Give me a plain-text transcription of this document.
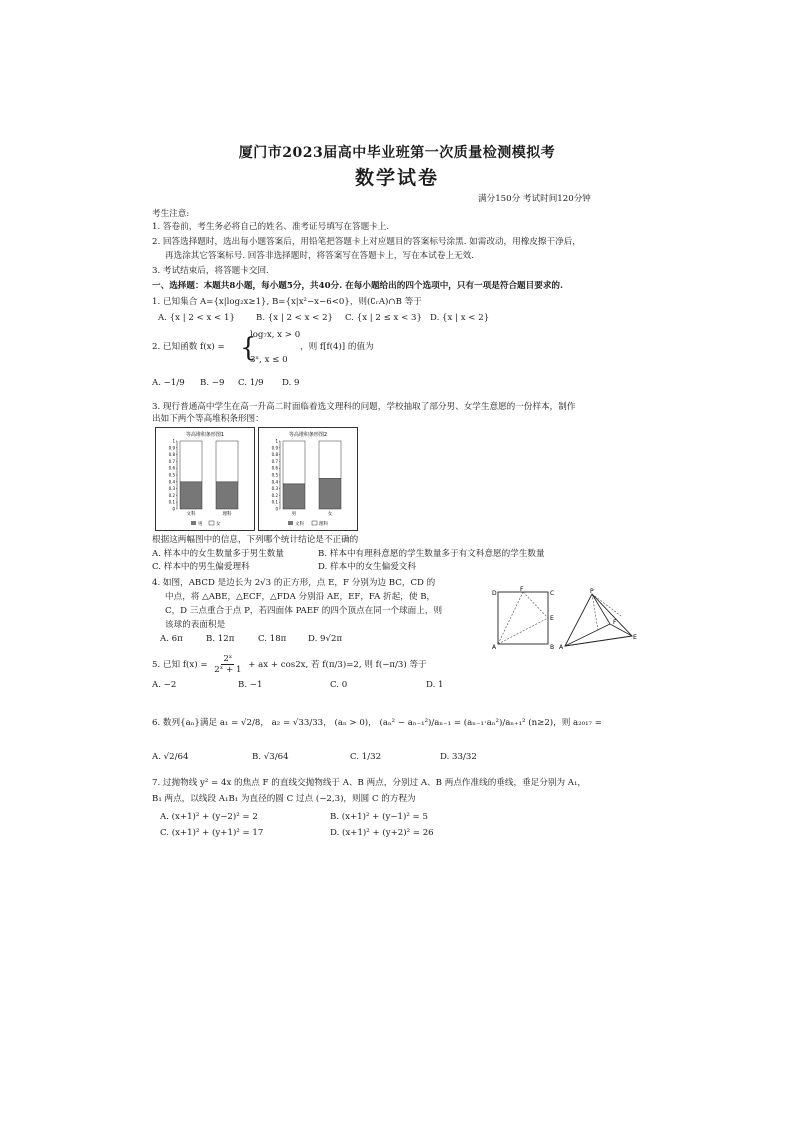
厦门市2023届高中毕业班第一次质量检测模拟考
数学试卷
满分150分 考试时间120分钟
考生注意:
1. 答卷前，考生务必将自己的姓名、准考证号填写在答题卡上.
2. 回答选择题时，选出每小题答案后，用铅笔把答题卡上对应题目的答案标号涂黑. 如需改动，用橡皮擦干净后，
再选涂其它答案标号. 回答非选择题时，将答案写在答题卡上，写在本试卷上无效.
3. 考试结束后，将答题卡交回.
一、选择题：本题共8小题，每小题5分，共40分. 在每小题给出的四个选项中，只有一项是符合题目要求的.
1. 已知集合 A={x|log₂x≥1}, B={x|x²−x−6<0}，则(∁ᵣA)∩B 等于
A. {x | 2 < x < 1} B. {x | 2 < x < 2} C. {x | 2 ≤ x < 3} D. {x | x < 2}
2. 已知函数 f(x) = {
log₇x, x > 0
3ˣ, x ≤ 0
，则 f[f(4)] 的值为
A. −1/9 B. −9 C. 1/9 D. 9
3. 现行普通高中学生在高一升高二时面临着选文理科的问题，学校抽取了部分男、女学生意愿的一份样本，制作
出如下两个等高堆积条形图：
等高堆积条形图1
1
0.9
0.8
0.7
0.6
0.5
0.4
0.3
0.2
0.1
0
文科	理科
男	女
等高堆积条形图2
1
0.9
0.8
0.7
0.6
0.5
0.4
0.3
0.2
0.1
0
男	女
文科	理科
根据这两幅图中的信息，下列哪个统计结论是不正确的
A. 样本中的女生数量多于男生数量	B. 样本中有理科意愿的学生数量多于有文科意愿的学生数量
C. 样本中的男生偏爱理科	D. 样本中的女生偏爱文科
4. 如图，ABCD 是边长为 2√3 的正方形，点 E，F 分别为边 BC，CD 的
中点，将 △ABE，△ECF，△FDA 分别沿 AE，EF，FA 折起，使 B，
C，D 三点重合于点 P，若四面体 PAEF 的四个顶点在同一个球面上，则
该球的表面积是
A. 6π	B. 12π	C. 18π	D. 9√2π
D
F
C
E
A	B
P
F
E
A
5. 已知 $f(x) = \frac{\text{2ˣ}}{\text{2ˣ + 1}}$ + ax + cos2x, 若 f(π/3)=2, 则 f(−π/3) 等于
A. −2	B. −1	C. 0	D. 1
6. 数列{aₙ}满足 a₁ = √2/8， a₂ = √33/33， (aₙ > 0)， (aₙ² − aₙ₋₁²)/aₙ₋₁ = (aₙ₋₁·aₙ²)/aₙ₊₁² (n≥2)，则 a₂₀₁₇ =
A. √2/64	B. √3/64	C. 1/32	D. 33/32
7. 过抛物线 y² = 4x 的焦点 F 的直线交抛物线于 A、B 两点，分别过 A、B 两点作准线的垂线，垂足分别为 A₁，
B₁ 两点，以线段 A₁B₁ 为直径的圆 C 过点 (−2,3)，则圆 C 的方程为
A. (x+1)² + (y−2)² = 2	B. (x+1)² + (y−1)² = 5
C. (x+1)² + (y+1)² = 17	D. (x+1)² + (y+2)² = 26
